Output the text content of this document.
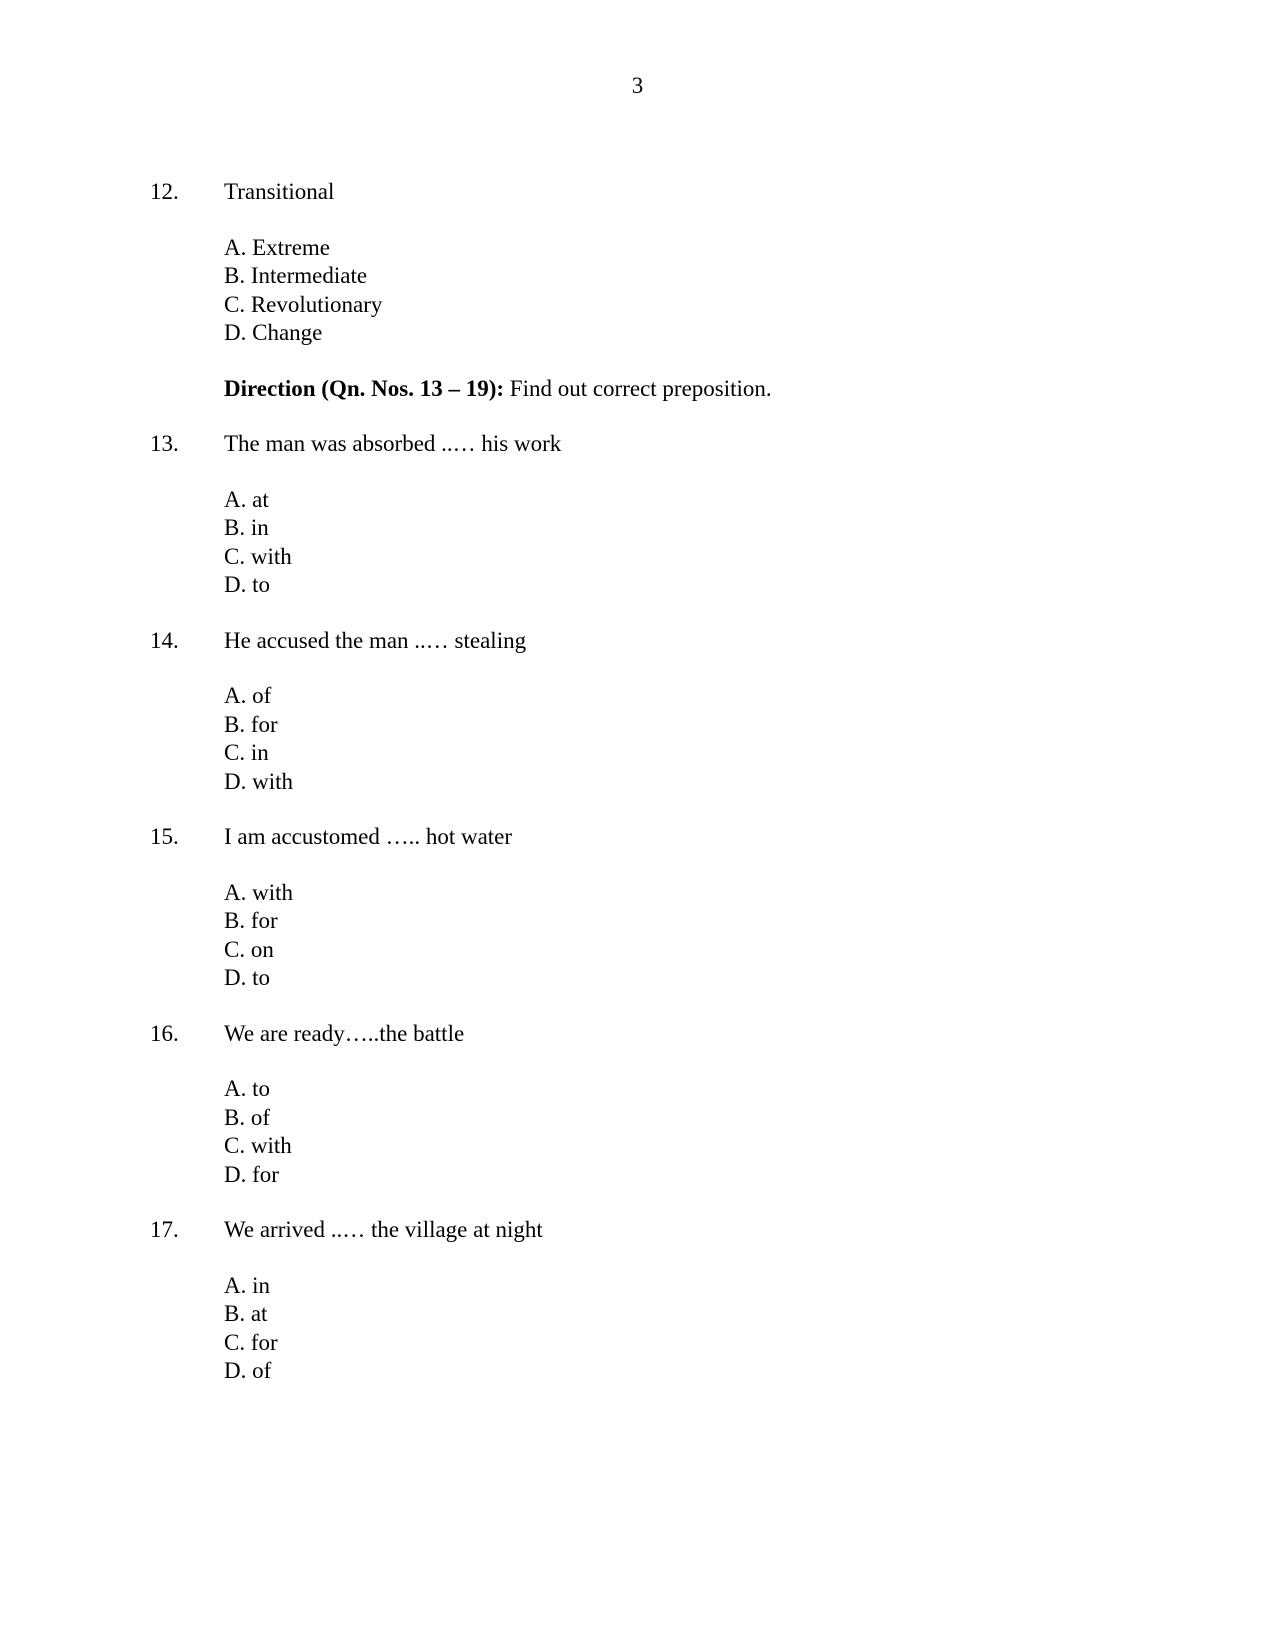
3
12. Transitional
A. Extreme
B. Intermediate
C. Revolutionary
D. Change
Direction (Qn. Nos. 13 – 19): Find out correct preposition.
13. The man was absorbed ..… his work
A. at
B. in
C. with
D. to
14. He accused the man ..… stealing
A. of
B. for
C. in
D. with
15. I am accustomed ….. hot water
A. with
B. for
C. on
D. to
16. We are ready…..the battle
A. to
B. of
C. with
D. for
17. We arrived ..… the village at night
A. in
B. at
C. for
D. of
